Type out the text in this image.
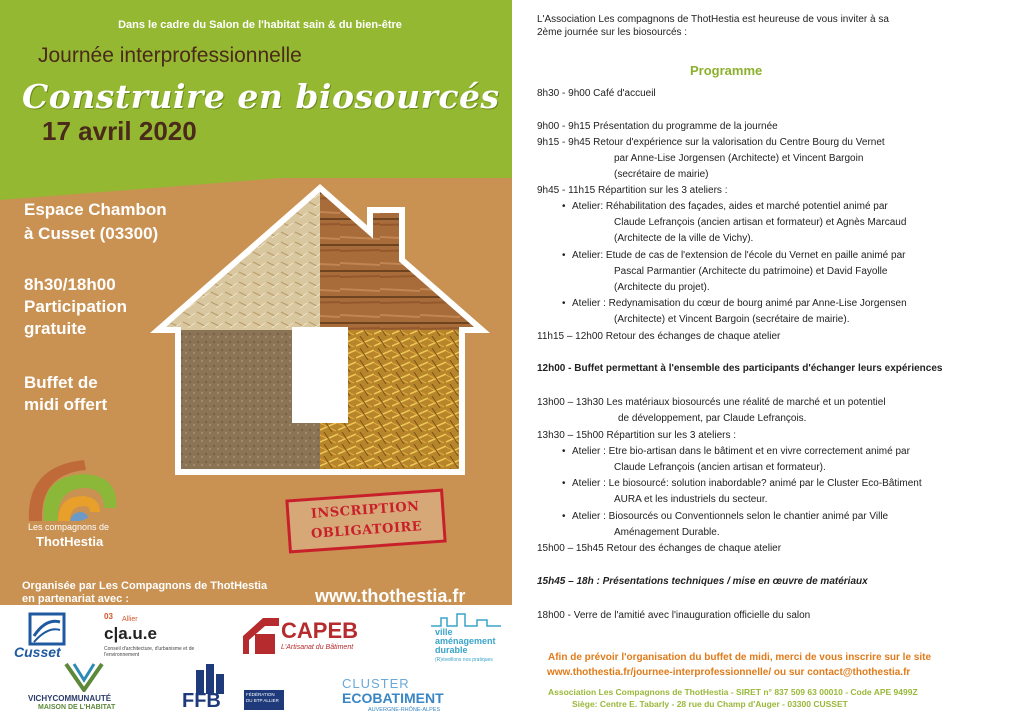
Dans le cadre du Salon de l'habitat sain & du bien-être
Journée interprofessionnelle
Construire en biosourcés
17 avril 2020
Espace Chambon
à Cusset (03300)
8h30/18h00
Participation
gratuite
Buffet de
midi offert
Les compagnons de
ThotHestia
INSCRIPTION
OBLIGATOIRE
Organisée par Les Compagnons de ThotHestia
en partenariat avec :	www.thothestia.fr
Cusset
03 Allier
c|a.u.e
Conseil d'architecture, d'urbanisme et de l'environnement
CAPEB
L'Artisanat du Bâtiment
ville
aménagement
durable
(R)éveillons nos pratiques
VICHYCOMMUNAUTÉ
MAISON DE L'HABITAT	FFB	FÉDÉRATION DU BTP ALLIER
CLUSTER
ECOBATIMENT
AUVERGNE-RHÔNE-ALPES
L'Association Les compagnons de ThotHestia est heureuse de vous inviter à sa
2ème journée sur les biosourcés :
Programme
8h30 - 9h00 Café d'accueil
9h00 - 9h15 Présentation du programme de la journée
9h15 - 9h45 Retour d'expérience sur la valorisation du Centre Bourg du Vernet
par Anne-Lise Jorgensen (Architecte) et Vincent Bargoin
(secrétaire de mairie)
9h45 - 11h15 Répartition sur les 3 ateliers :
• Atelier: Réhabilitation des façades, aides et marché potentiel animé par
Claude Lefrançois (ancien artisan et formateur) et Agnès Marcaud
(Architecte de la ville de Vichy).
• Atelier: Etude de cas de l'extension de l'école du Vernet en paille animé par
Pascal Parmantier (Architecte du patrimoine) et David Fayolle
(Architecte du projet).
• Atelier : Redynamisation du cœur de bourg animé par Anne-Lise Jorgensen
(Architecte) et Vincent Bargoin (secrétaire de mairie).
11h15 – 12h00 Retour des échanges de chaque atelier
12h00 - Buffet permettant à l'ensemble des participants d'échanger leurs expériences
13h00 – 13h30 Les matériaux biosourcés une réalité de marché et un potentiel
de développement, par Claude Lefrançois.
13h30 – 15h00 Répartition sur les 3 ateliers :
• Atelier : Etre bio-artisan dans le bâtiment et en vivre correctement animé par
Claude Lefrançois (ancien artisan et formateur).
• Atelier : Le biosourcé: solution inabordable? animé par le Cluster Eco-Bâtiment
AURA et les industriels du secteur.
• Atelier : Biosourcés ou Conventionnels selon le chantier animé par Ville
Aménagement Durable.
15h00 – 15h45 Retour des échanges de chaque atelier
15h45 – 18h : Présentations techniques / mise en œuvre de matériaux
18h00 - Verre de l'amitié avec l'inauguration officielle du salon
Afin de prévoir l'organisation du buffet de midi, merci de vous inscrire sur le site
www.thothestia.fr/journee-interprofessionnelle/ ou sur contact@thothestia.fr
Association Les Compagnons de ThotHestia - SIRET n° 837 509 63 00010 - Code APE 9499Z
Siège: Centre E. Tabarly - 28 rue du Champ d'Auger - 03300 CUSSET
